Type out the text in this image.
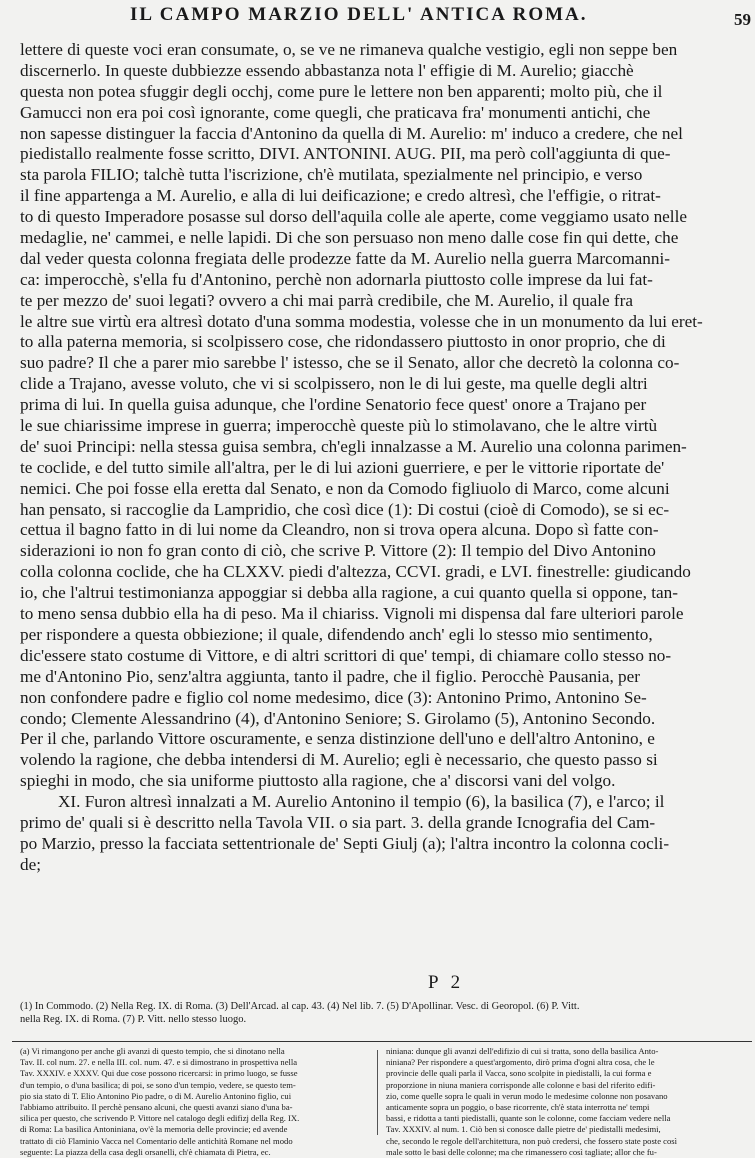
IL CAMPO MARZIO DELL' ANTICA ROMA.	59
lettere di queste voci eran consumate, o, se ve ne rimaneva qualche vestigio, egli non seppe ben
discernerlo. In queste dubbiezze essendo abbastanza nota l' effigie di M. Aurelio; giacchè
questa non potea sfuggir degli occhj, come pure le lettere non ben apparenti; molto più, che il
Gamucci non era poi così ignorante, come quegli, che praticava fra' monumenti antichi, che
non sapesse distinguer la faccia d'Antonino da quella di M. Aurelio: m' induco a credere, che nel
piedistallo realmente fosse scritto, DIVI. ANTONINI. AUG. PII, ma però coll'aggiunta di que-
sta parola FILIO; talchè tutta l'iscrizione, ch'è mutilata, spezialmente nel principio, e verso
il fine appartenga a M. Aurelio, e alla di lui deificazione; e credo altresì, che l'effigie, o ritrat-
to di questo Imperadore posasse sul dorso dell'aquila colle ale aperte, come veggiamo usato nelle
medaglie, ne' cammei, e nelle lapidi. Di che son persuaso non meno dalle cose fin qui dette, che
dal veder questa colonna fregiata delle prodezze fatte da M. Aurelio nella guerra Marcomanni-
ca: imperocchè, s'ella fu d'Antonino, perchè non adornarla piuttosto colle imprese da lui fat-
te per mezzo de' suoi legati? ovvero a chi mai parrà credibile, che M. Aurelio, il quale fra
le altre sue virtù era altresì dotato d'una somma modestia, volesse che in un monumento da lui eret-
to alla paterna memoria, si scolpissero cose, che ridondassero piuttosto in onor proprio, che di
suo padre? Il che a parer mio sarebbe l' istesso, che se il Senato, allor che decretò la colonna co-
clide a Trajano, avesse voluto, che vi si scolpissero, non le di lui geste, ma quelle degli altri
prima di lui. In quella guisa adunque, che l'ordine Senatorio fece quest' onore a Trajano per
le sue chiarissime imprese in guerra; imperocchè queste più lo stimolavano, che le altre virtù
de' suoi Principi: nella stessa guisa sembra, ch'egli innalzasse a M. Aurelio una colonna parimen-
te coclide, e del tutto simile all'altra, per le di lui azioni guerriere, e per le vittorie riportate de'
nemici. Che poi fosse ella eretta dal Senato, e non da Comodo figliuolo di Marco, come alcuni
han pensato, si raccoglie da Lampridio, che così dice (1): Di costui (cioè di Comodo), se si ec-
cettua il bagno fatto in di lui nome da Cleandro, non si trova opera alcuna. Dopo sì fatte con-
siderazioni io non fo gran conto di ciò, che scrive P. Vittore (2): Il tempio del Divo Antonino
colla colonna coclide, che ha CLXXV. piedi d'altezza, CCVI. gradi, e LVI. finestrelle: giudicando
io, che l'altrui testimonianza appoggiar si debba alla ragione, a cui quanto quella si oppone, tan-
to meno sensa dubbio ella ha di peso. Ma il chiariss. Vignoli mi dispensa dal fare ulteriori parole
per rispondere a questa obbiezione; il quale, difendendo anch' egli lo stesso mio sentimento,
dic'essere stato costume di Vittore, e di altri scrittori di que' tempi, di chiamare collo stesso no-
me d'Antonino Pio, senz'altra aggiunta, tanto il padre, che il figlio. Perocchè Pausania, per
non confondere padre e figlio col nome medesimo, dice (3): Antonino Primo, Antonino Se-
condo; Clemente Alessandrino (4), d'Antonino Seniore; S. Girolamo (5), Antonino Secondo.
Per il che, parlando Vittore oscuramente, e senza distinzione dell'uno e dell'altro Antonino, e
volendo la ragione, che debba intendersi di M. Aurelio; egli è necessario, che questo passo si
spieghi in modo, che sia uniforme piuttosto alla ragione, che a' discorsi vani del volgo.
XI. Furon altresì innalzati a M. Aurelio Antonino il tempio (6), la basilica (7), e l'arco; il
primo de' quali si è descritto nella Tavola VII. o sia part. 3. della grande Icnografia del Cam-
po Marzio, presso la facciata settentrionale de' Septi Giulj (a); l'altra incontro la colonna cocli-
de;
P 2
(1) In Commodo. (2) Nella Reg. IX. di Roma. (3) Dell'Arcad. al cap. 43. (4) Nel lib. 7. (5) D'Apollinar. Vesc. di Georopol. (6) P. Vitt.
nella Reg. IX. di Roma. (7) P. Vitt. nello stesso luogo.
(a) Vi rimangono per anche gli avanzi di questo tempio, che si dinotano nella
Tav. II. col num. 27. e nella III. col. num. 47. e si dimostrano in prospettiva nella
Tav. XXXIV. e XXXV. Qui due cose possono ricercarsi: in primo luogo, se fusse
d'un tempio, o d'una basilica; di poi, se sono d'un tempio, vedere, se questo tem-
pio sia stato di T. Elio Antonino Pio padre, o di M. Aurelio Antonino figlio, cui
l'abbiamo attribuito. Il perchè pensano alcuni, che questi avanzi siano d'una ba-
silica per questo, che scrivendo P. Vittore nel catalogo degli edifizj della Reg. IX.
di Roma: La basilica Antoniniana, ov'è la memoria delle provincie; ed avende
trattato di ciò Flaminio Vacca nel Comentario delle antichità Romane nel modo
seguente: La piazza della casa degli orsanelli, ch'è chiamata di Pietra, ec.
niniana: dunque gli avanzi dell'edifizio di cui si tratta, sono della basilica Anto-
niniana? Per rispondere a quest'argomento, dirò prima d'ogni altra cosa, che le
provincie delle quali parla il Vacca, sono scolpite in piedistalli, la cui forma e
proporzione in niuna maniera corrisponde alle colonne e basi del riferito edifi-
zio, come quelle sopra le quali in verun modo le medesime colonne non posavano
anticamente sopra un poggio, o base ricorrente, ch'è stata interrotta ne' tempi
bassi, e ridotta a tanti piedistalli, quante son le colonne, come facciam vedere nella
Tav. XXXIV. al num. 1. Ciò ben si conosce dalle pietre de' piedistalli medesimi,
che, secondo le regole dell'architettura, non può credersi, che fossero state poste così
male sotto le basi delle colonne; ma che rimanessero così tagliate; allor che fu-
